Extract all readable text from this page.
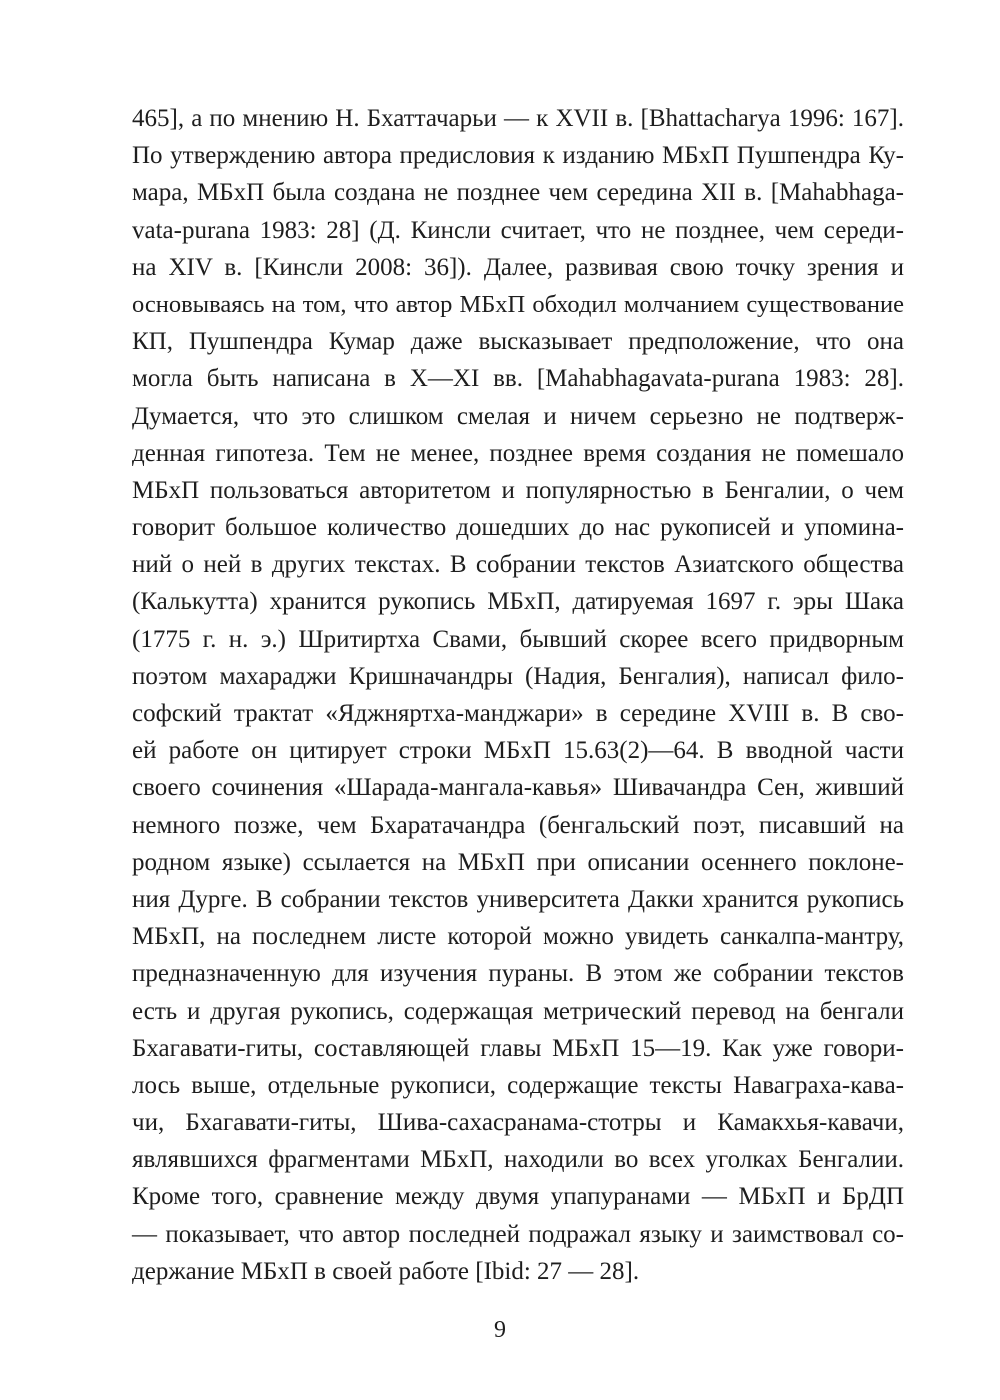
465], а по мнению Н. Бхаттачарьи — к XVII в. [Bhattacharya 1996: 167].
По утверждению автора предисловия к изданию МБхП Пушпендра Ку-
мара, МБхП была создана не позднее чем середина XII в. [Mahabhaga-
vata-purana 1983: 28] (Д. Кинсли считает, что не позднее, чем середи-
на XIV в. [Кинсли 2008: 36]). Далее, развивая свою точку зрения и
основываясь на том, что автор МБхП обходил молчанием существование
КП, Пушпендра Кумар даже высказывает предположение, что она
могла быть написана в X—XI вв. [Mahabhagavata-purana 1983: 28].
Думается, что это слишком смелая и ничем серьезно не подтверж-
денная гипотеза. Тем не менее, позднее время создания не помешало
МБхП пользоваться авторитетом и популярностью в Бенгалии, о чем
говорит большое количество дошедших до нас рукописей и упомина-
ний о ней в других текстах. В собрании текстов Азиатского общества
(Калькутта) хранится рукопись МБхП, датируемая 1697 г. эры Шака
(1775 г. н. э.) Шритиртха Свами, бывший скорее всего придворным
поэтом махараджи Кришначандры (Надия, Бенгалия), написал фило-
софский трактат «Яджняртха-манджари» в середине XVIII в. В сво-
ей работе он цитирует строки МБхП 15.63(2)—64. В вводной части
своего сочинения «Шарада-мангала-кавья» Шивачандра Сен, живший
немного позже, чем Бхаратачандра (бенгальский поэт, писавший на
родном языке) ссылается на МБхП при описании осеннего поклоне-
ния Дурге. В собрании текстов университета Дакки хранится рукопись
МБхП, на последнем листе которой можно увидеть санкалпа-мантру,
предназначенную для изучения пураны. В этом же собрании текстов
есть и другая рукопись, содержащая метрический перевод на бенгали
Бхагавати-гиты, составляющей главы МБхП 15—19. Как уже говори-
лось выше, отдельные рукописи, содержащие тексты Наваграха-кава-
чи, Бхагавати-гиты, Шива-сахасранама-стотры и Камакхья-кавачи,
являвшихся фрагментами МБхП, находили во всех уголках Бенгалии.
Кроме того, сравнение между двумя упапуранами — МБхП и БрДП
— показывает, что автор последней подражал языку и заимствовал со-
держание МБхП в своей работе [Ibid: 27 — 28].
9
